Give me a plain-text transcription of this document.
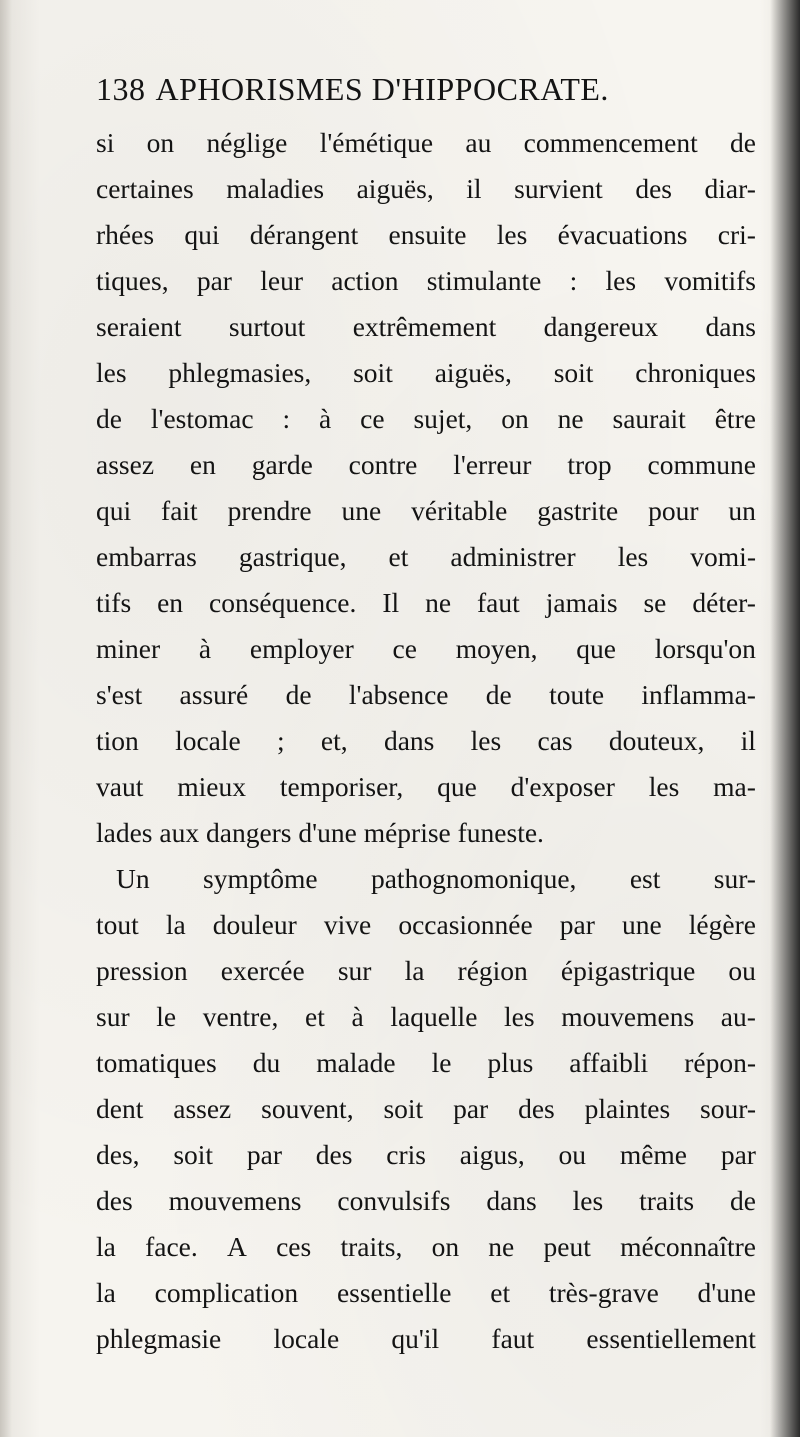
138 APHORISMES D'HIPPOCRATE.
si on néglige l'émétique au commencement de
certaines maladies aiguës, il survient des diar-
rhées qui dérangent ensuite les évacuations cri-
tiques, par leur action stimulante : les vomitifs
seraient surtout extrêmement dangereux dans
les phlegmasies, soit aiguës, soit chroniques
de l'estomac : à ce sujet, on ne saurait être
assez en garde contre l'erreur trop commune
qui fait prendre une véritable gastrite pour un
embarras gastrique, et administrer les vomi-
tifs en conséquence. Il ne faut jamais se déter-
miner à employer ce moyen, que lorsqu'on
s'est assuré de l'absence de toute inflamma-
tion locale ; et, dans les cas douteux, il
vaut mieux temporiser, que d'exposer les ma-
lades aux dangers d'une méprise funeste.
Un symptôme pathognomonique, est sur-
tout la douleur vive occasionnée par une légère
pression exercée sur la région épigastrique ou
sur le ventre, et à laquelle les mouvemens au-
tomatiques du malade le plus affaibli répon-
dent assez souvent, soit par des plaintes sour-
des, soit par des cris aigus, ou même par
des mouvemens convulsifs dans les traits de
la face. A ces traits, on ne peut méconnaître
la complication essentielle et très-grave d'une
phlegmasie locale qu'il faut essentiellement
